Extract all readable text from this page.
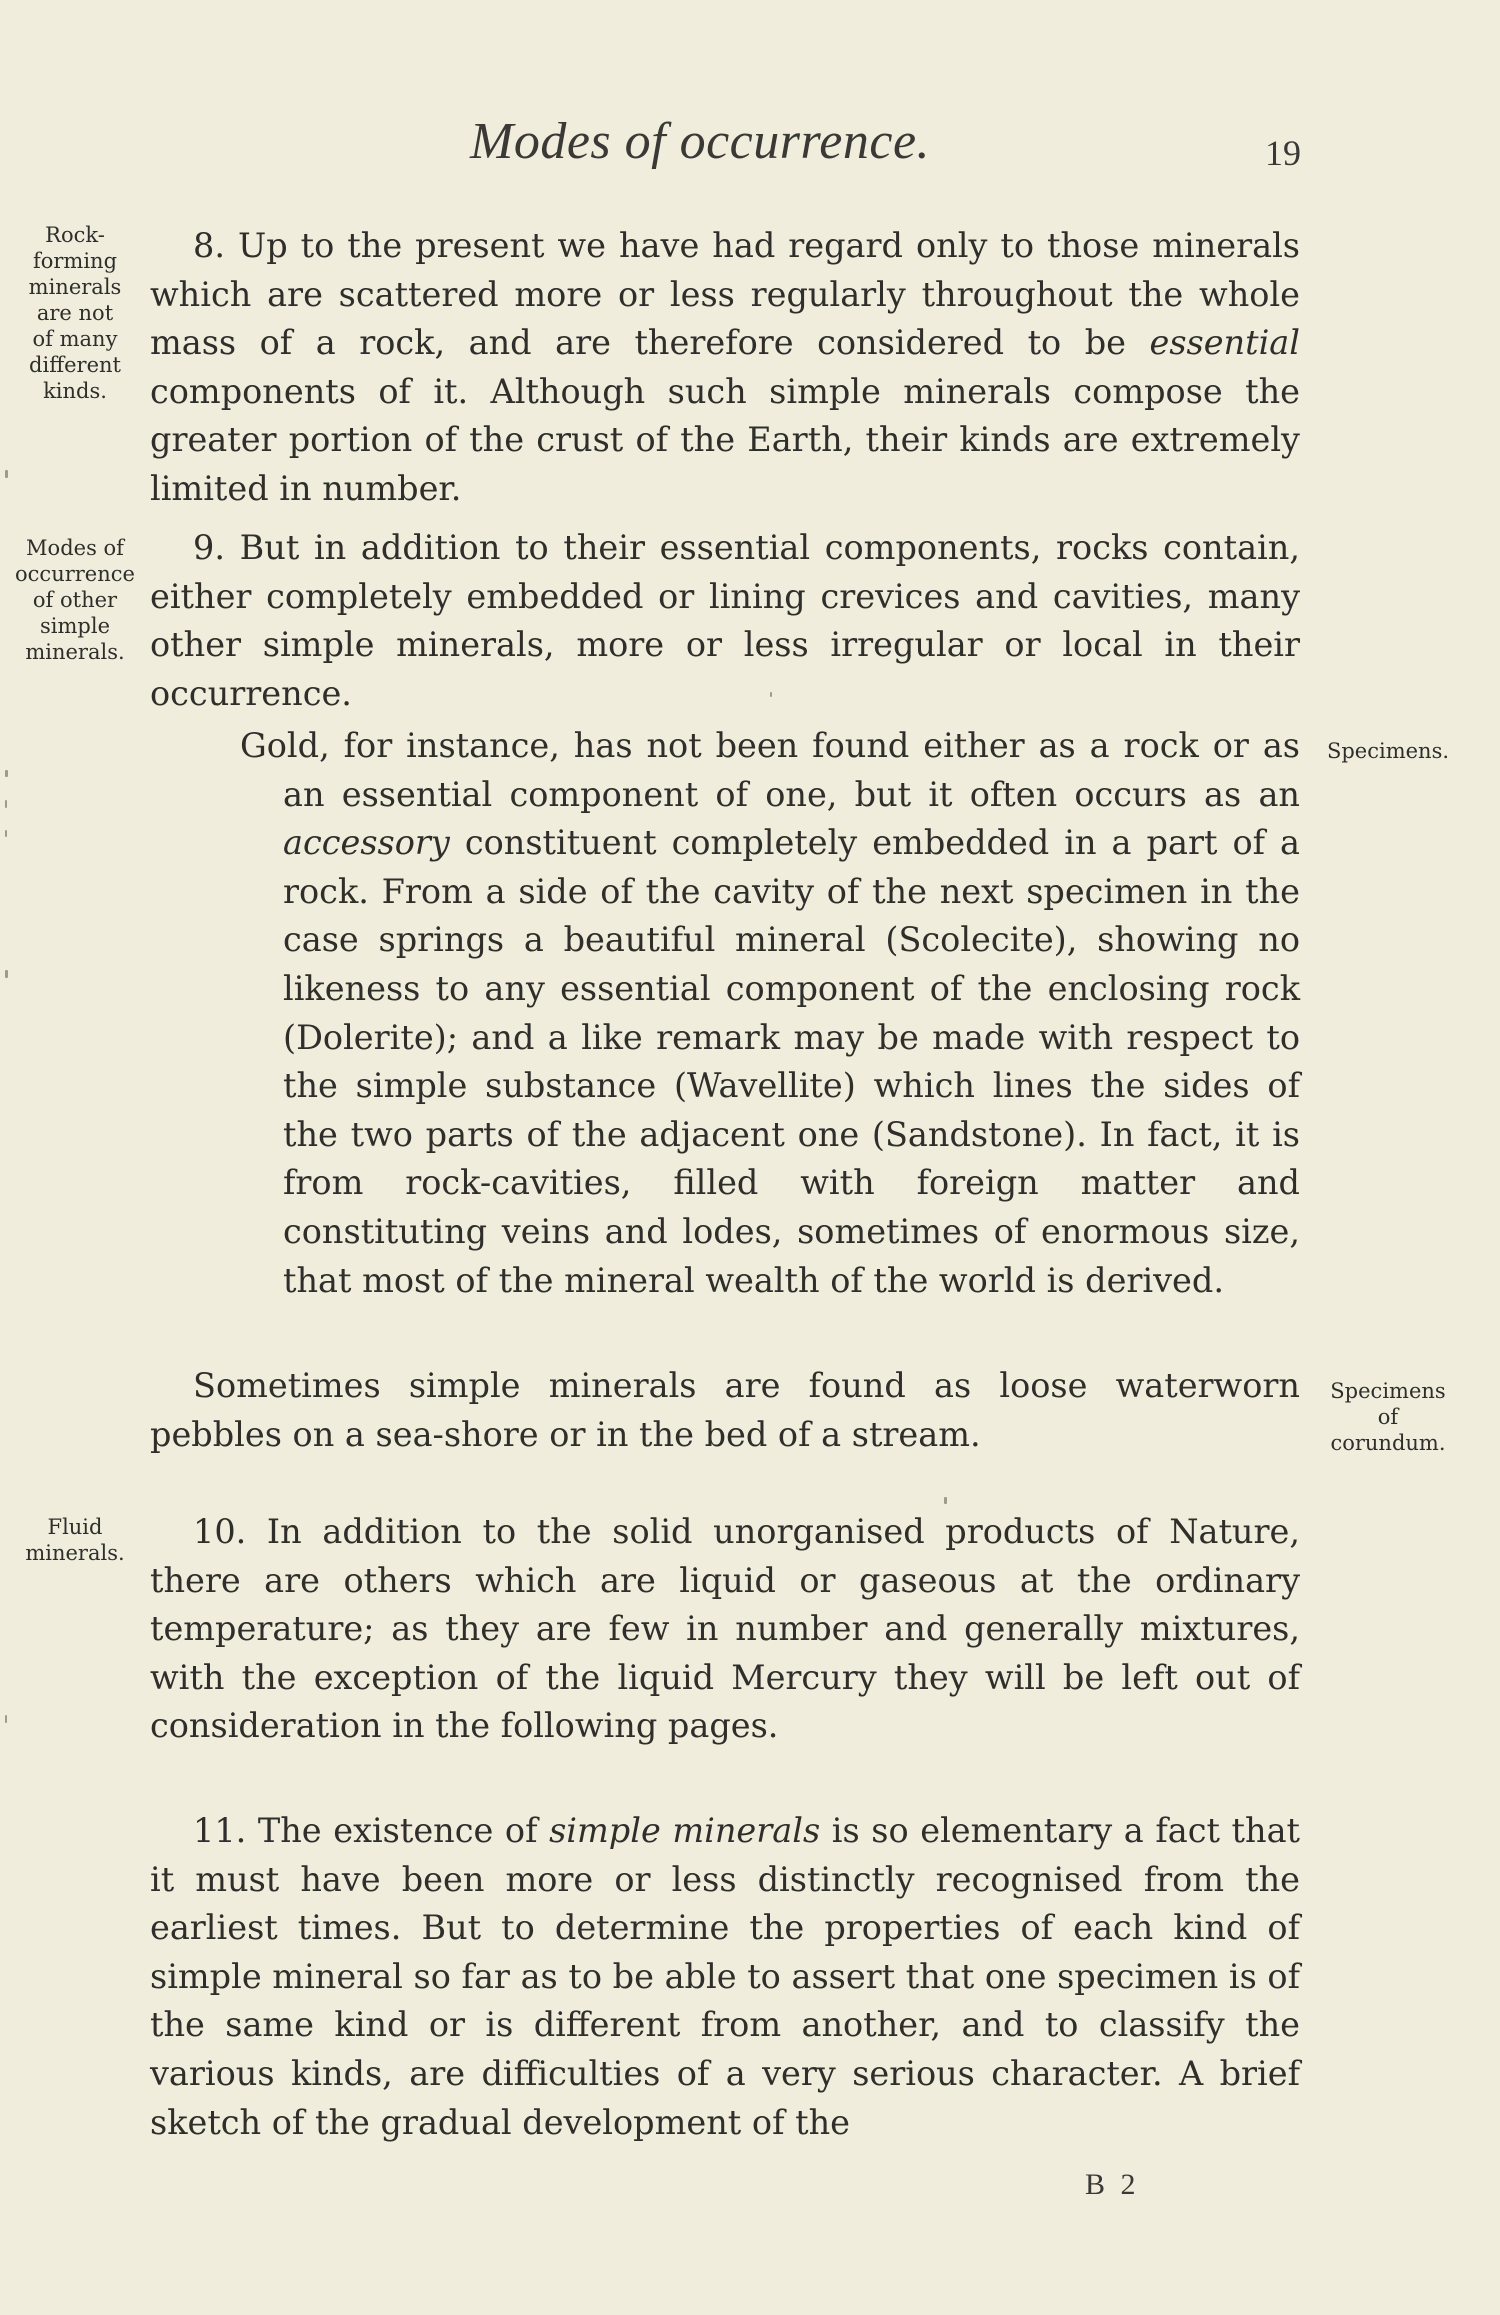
Modes of occurrence.	19
Rock-
forming
minerals
are not
of many
different
kinds.
Modes of
occurrence
of other
simple
minerals.
Fluid
minerals.
Specimens.
Specimens
of
corundum.
8. Up to the present we have had regard only to those minerals which are scattered more or less regularly throughout the whole mass of a rock, and are therefore considered to be essential components of it. Although such simple minerals compose the greater portion of the crust of the Earth, their kinds are extremely limited in number.
9. But in addition to their essential components, rocks contain, either completely embedded or lining crevices and cavities, many other simple minerals, more or less irregular or local in their occurrence.
Gold, for instance, has not been found either as a rock or as an essential component of one, but it often occurs as an accessory constituent completely embedded in a part of a rock. From a side of the cavity of the next specimen in the case springs a beautiful mineral (Scolecite), showing no likeness to any essential component of the enclosing rock (Dolerite); and a like remark may be made with respect to the simple substance (Wavellite) which lines the sides of the two parts of the adjacent one (Sandstone). In fact, it is from rock-cavities, filled with foreign matter and constituting veins and lodes, sometimes of enormous size, that most of the mineral wealth of the world is derived.
Sometimes simple minerals are found as loose waterworn pebbles on a sea-shore or in the bed of a stream.
10. In addition to the solid unorganised products of Nature, there are others which are liquid or gaseous at the ordinary temperature; as they are few in number and generally mixtures, with the exception of the liquid Mercury they will be left out of consideration in the following pages.
11. The existence of simple minerals is so elementary a fact that it must have been more or less distinctly recognised from the earliest times. But to determine the properties of each kind of simple mineral so far as to be able to assert that one specimen is of the same kind or is different from another, and to classify the various kinds, are difficulties of a very serious character. A brief sketch of the gradual development of the
B 2
